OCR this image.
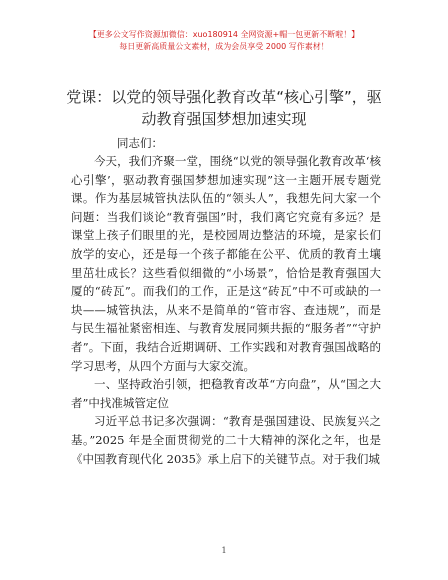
【更多公文写作资源加微信：xuo180914 全网资源+帽一包更新不断啦！】
每日更新高质量公文素材，成为会员享受 2000 写作素材！
党课：以党的领导强化教育改革“核心引擎”，驱动教育强国梦想加速实现
同志们：

今天，我们齐聚一堂，围绕“以党的领导强化教育改革‘核心引擎’，驱动教育强国梦想加速实现”这一主题开展专题党课。作为基层城管执法队伍的“领头人”，我想先问大家一个问题：当我们谈论“教育强国”时，我们离它究竟有多远？是课堂上孩子们眼里的光，是校园周边整洁的环境，是家长们放学的安心，还是每一个孩子都能在公平、优质的教育土壤里茁壮成长？这些看似细微的“小场景”，恰恰是教育强国大厦的“砖瓦”。而我们的工作，正是这“砖瓦”中不可或缺的一块——城管执法，从来不是简单的“管市容、查违规”，而是与民生福祉紧密相连、与教育发展同频共振的“服务者”“守护者”。下面，我结合近期调研、工作实践和对教育强国战略的学习思考，从四个方面与大家交流。

一、坚持政治引领，把稳教育改革“方向盘”，从“国之大者”中找准城管定位

习近平总书记多次强调：“教育是强国建设、民族复兴之基。”2025 年是全面贯彻党的二十大精神的深化之年，也是《中国教育现代化 2035》承上启下的关键节点。对于我们城

1
